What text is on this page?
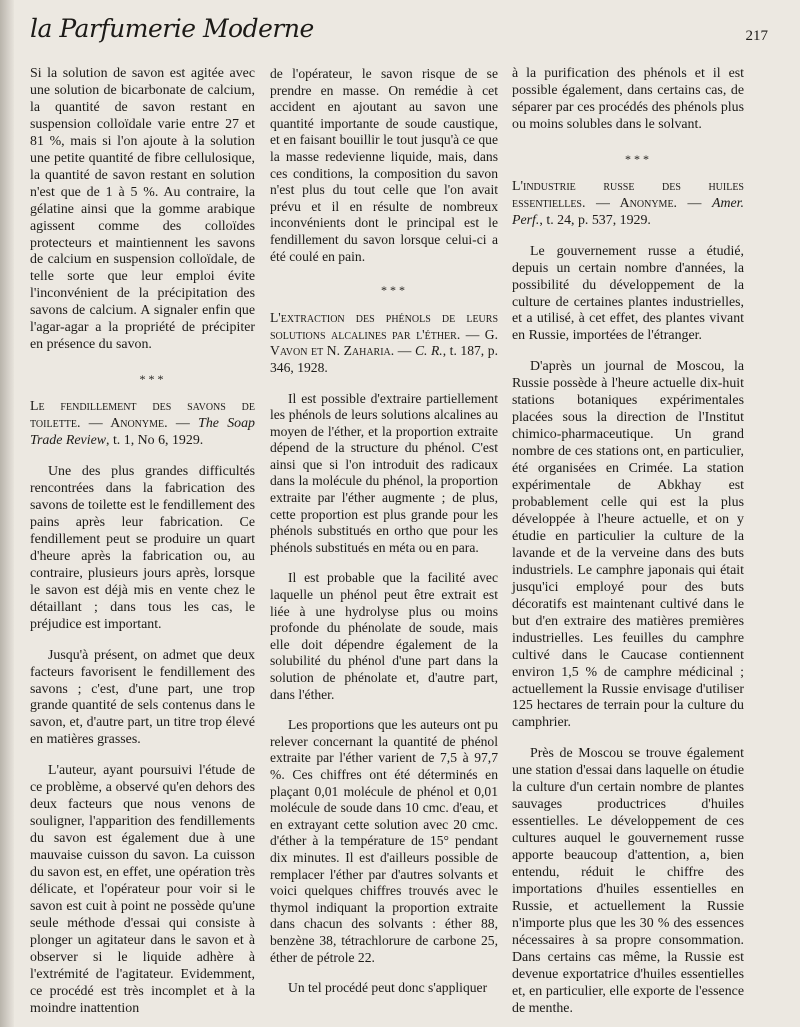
la Parfumerie Moderne	217

Si la solution de savon est agitée avec une solution de bicarbonate de calcium, la quantité de savon restant en suspension colloïdale varie entre 27 et 81 %, mais si l'on ajoute à la solution une petite quantité de fibre cellulosique, la quantité de savon restant en solution n'est que de 1 à 5 %. Au contraire, la gélatine ainsi que la gomme arabique agissent comme des colloïdes protecteurs et maintiennent les savons de calcium en suspension colloïdale, de telle sorte que leur emploi évite l'inconvénient de la précipitation des savons de calcium. A signaler enfin que l'agar-agar a la propriété de précipiter en présence du savon.

* * *

Le fendillement des savons de toilette. — Anonyme. — The Soap Trade Review, t. 1, No 6, 1929.

Une des plus grandes difficultés rencontrées dans la fabrication des savons de toilette est le fendillement des pains après leur fabrication. Ce fendillement peut se produire un quart d'heure après la fabrication ou, au contraire, plusieurs jours après, lorsque le savon est déjà mis en vente chez le détaillant ; dans tous les cas, le préjudice est important.

Jusqu'à présent, on admet que deux facteurs favorisent le fendillement des savons ; c'est, d'une part, une trop grande quantité de sels contenus dans le savon, et, d'autre part, un titre trop élevé en matières grasses.

L'auteur, ayant poursuivi l'étude de ce problème, a observé qu'en dehors des deux facteurs que nous venons de souligner, l'apparition des fendillements du savon est également due à une mauvaise cuisson du savon. La cuisson du savon est, en effet, une opération très délicate, et l'opérateur pour voir si le savon est cuit à point ne possède qu'une seule méthode d'essai qui consiste à plonger un agitateur dans le savon et à observer si le liquide adhère à l'extrémité de l'agitateur. Evidemment, ce procédé est très incomplet et à la moindre inattention

de l'opérateur, le savon risque de se prendre en masse. On remédie à cet accident en ajoutant au savon une quantité importante de soude caustique, et en faisant bouillir le tout jusqu'à ce que la masse redevienne liquide, mais, dans ces conditions, la composition du savon n'est plus du tout celle que l'on avait prévu et il en résulte de nombreux inconvénients dont le principal est le fendillement du savon lorsque celui-ci a été coulé en pain.

* * *

L'extraction des phénols de leurs solutions alcalines par l'éther. — G. Vavon et N. Zaharia. — C. R., t. 187, p. 346, 1928.

Il est possible d'extraire partiellement les phénols de leurs solutions alcalines au moyen de l'éther, et la proportion extraite dépend de la structure du phénol. C'est ainsi que si l'on introduit des radicaux dans la molécule du phénol, la proportion extraite par l'éther augmente ; de plus, cette proportion est plus grande pour les phénols substitués en ortho que pour les phénols substitués en méta ou en para.

Il est probable que la facilité avec laquelle un phénol peut être extrait est liée à une hydrolyse plus ou moins profonde du phénolate de soude, mais elle doit dépendre également de la solubilité du phénol d'une part dans la solution de phénolate et, d'autre part, dans l'éther.

Les proportions que les auteurs ont pu relever concernant la quantité de phénol extraite par l'éther varient de 7,5 à 97,7 %. Ces chiffres ont été déterminés en plaçant 0,01 molécule de phénol et 0,01 molécule de soude dans 10 cmc. d'eau, et en extrayant cette solution avec 20 cmc. d'éther à la température de 15° pendant dix minutes. Il est d'ailleurs possible de remplacer l'éther par d'autres solvants et voici quelques chiffres trouvés avec le thymol indiquant la proportion extraite dans chacun des solvants : éther 88, benzène 38, tétrachlorure de carbone 25, éther de pétrole 22.

Un tel procédé peut donc s'appliquer

à la purification des phénols et il est possible également, dans certains cas, de séparer par ces procédés des phénols plus ou moins solubles dans le solvant.

* * *

L'industrie russe des huiles essentielles. — Anonyme. — Amer. Perf., t. 24, p. 537, 1929.

Le gouvernement russe a étudié, depuis un certain nombre d'années, la possibilité du développement de la culture de certaines plantes industrielles, et a utilisé, à cet effet, des plantes vivant en Russie, importées de l'étranger.

D'après un journal de Moscou, la Russie possède à l'heure actuelle dix-huit stations botaniques expérimentales placées sous la direction de l'Institut chimico-pharmaceutique. Un grand nombre de ces stations ont, en particulier, été organisées en Crimée. La station expérimentale de Abkhay est probablement celle qui est la plus développée à l'heure actuelle, et on y étudie en particulier la culture de la lavande et de la verveine dans des buts industriels. Le camphre japonais qui était jusqu'ici employé pour des buts décoratifs est maintenant cultivé dans le but d'en extraire des matières premières industrielles. Les feuilles du camphre cultivé dans le Caucase contiennent environ 1,5 % de camphre médicinal ; actuellement la Russie envisage d'utiliser 125 hectares de terrain pour la culture du camphrier.

Près de Moscou se trouve également une station d'essai dans laquelle on étudie la culture d'un certain nombre de plantes sauvages productrices d'huiles essentielles. Le développement de ces cultures auquel le gouvernement russe apporte beaucoup d'attention, a, bien entendu, réduit le chiffre des importations d'huiles essentielles en Russie, et actuellement la Russie n'importe plus que les 30 % des essences nécessaires à sa propre consommation. Dans certains cas même, la Russie est devenue exportatrice d'huiles essentielles et, en particulier, elle exporte de l'essence de menthe.
